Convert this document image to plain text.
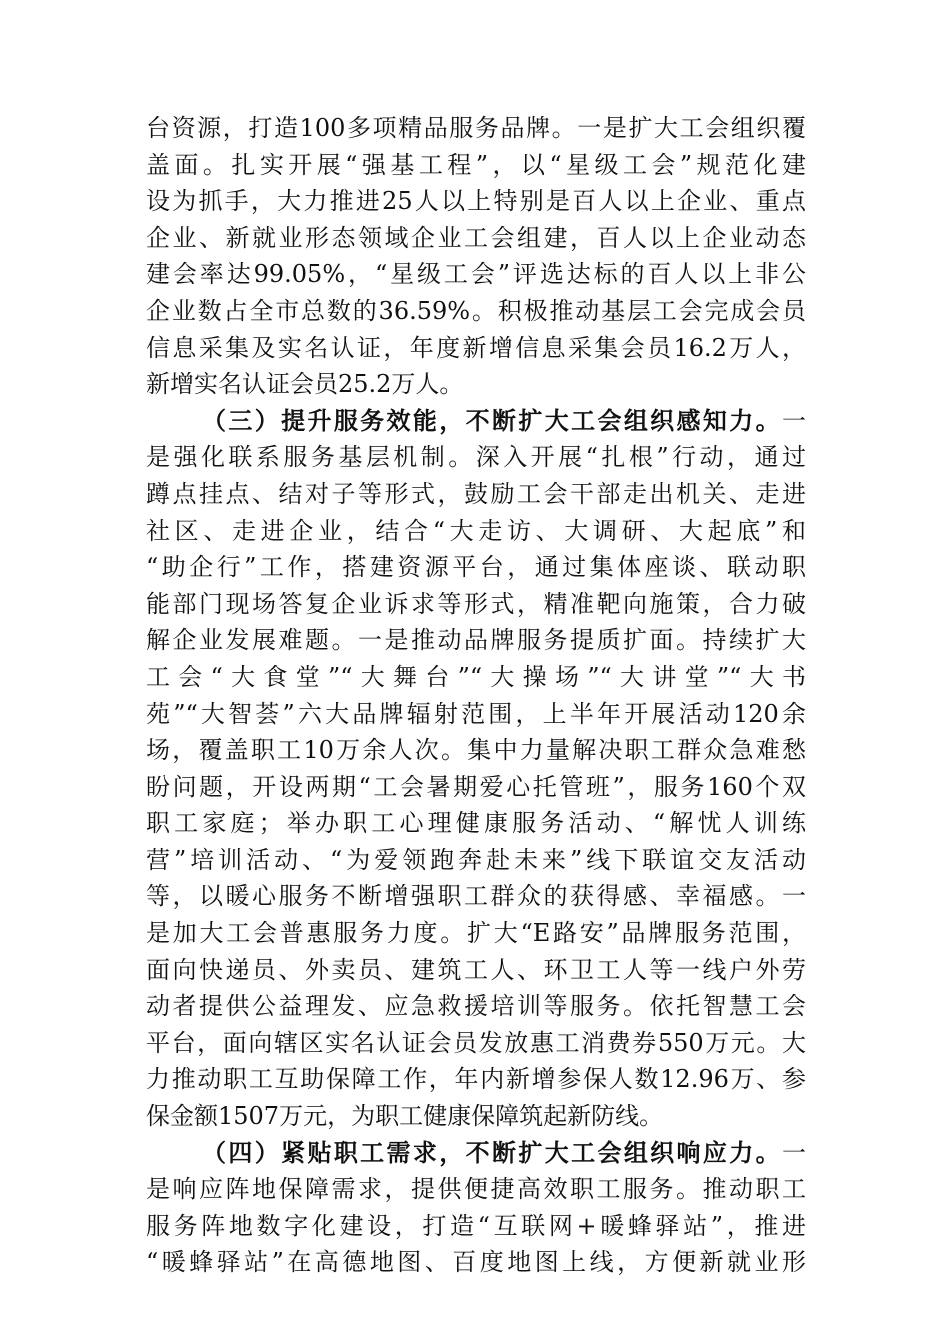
台资源，打造100多项精品服务品牌。一是扩大工会组织覆
盖面。扎实开展“强基工程”，以“星级工会”规范化建
设为抓手，大力推进25人以上特别是百人以上企业、重点
企业、新就业形态领域企业工会组建，百人以上企业动态
建会率达99.05%，“星级工会”评选达标的百人以上非公
企业数占全市总数的36.59%。积极推动基层工会完成会员
信息采集及实名认证，年度新增信息采集会员16.2万人，
新增实名认证会员25.2万人。
（三）提升服务效能，不断扩大工会组织感知力。一
是强化联系服务基层机制。深入开展“扎根”行动，通过
蹲点挂点、结对子等形式，鼓励工会干部走出机关、走进
社区、走进企业，结合“大走访、大调研、大起底”和
“助企行”工作，搭建资源平台，通过集体座谈、联动职
能部门现场答复企业诉求等形式，精准靶向施策，合力破
解企业发展难题。一是推动品牌服务提质扩面。持续扩大
工会“大食堂”“大舞台”“大操场”“大讲堂”“大书
苑”“大智荟”六大品牌辐射范围，上半年开展活动120余
场，覆盖职工10万余人次。集中力量解决职工群众急难愁
盼问题，开设两期“工会暑期爱心托管班”，服务160个双
职工家庭；举办职工心理健康服务活动、“解忧人训练
营”培训活动、“为爱领跑奔赴未来”线下联谊交友活动
等，以暖心服务不断增强职工群众的获得感、幸福感。一
是加大工会普惠服务力度。扩大“E路安”品牌服务范围，
面向快递员、外卖员、建筑工人、环卫工人等一线户外劳
动者提供公益理发、应急救援培训等服务。依托智慧工会
平台，面向辖区实名认证会员发放惠工消费券550万元。大
力推动职工互助保障工作，年内新增参保人数12.96万、参
保金额1507万元，为职工健康保障筑起新防线。
（四）紧贴职工需求，不断扩大工会组织响应力。一
是响应阵地保障需求，提供便捷高效职工服务。推动职工
服务阵地数字化建设，打造“互联网+暖蜂驿站”，推进
“暖蜂驿站”在高德地图、百度地图上线，方便新就业形
